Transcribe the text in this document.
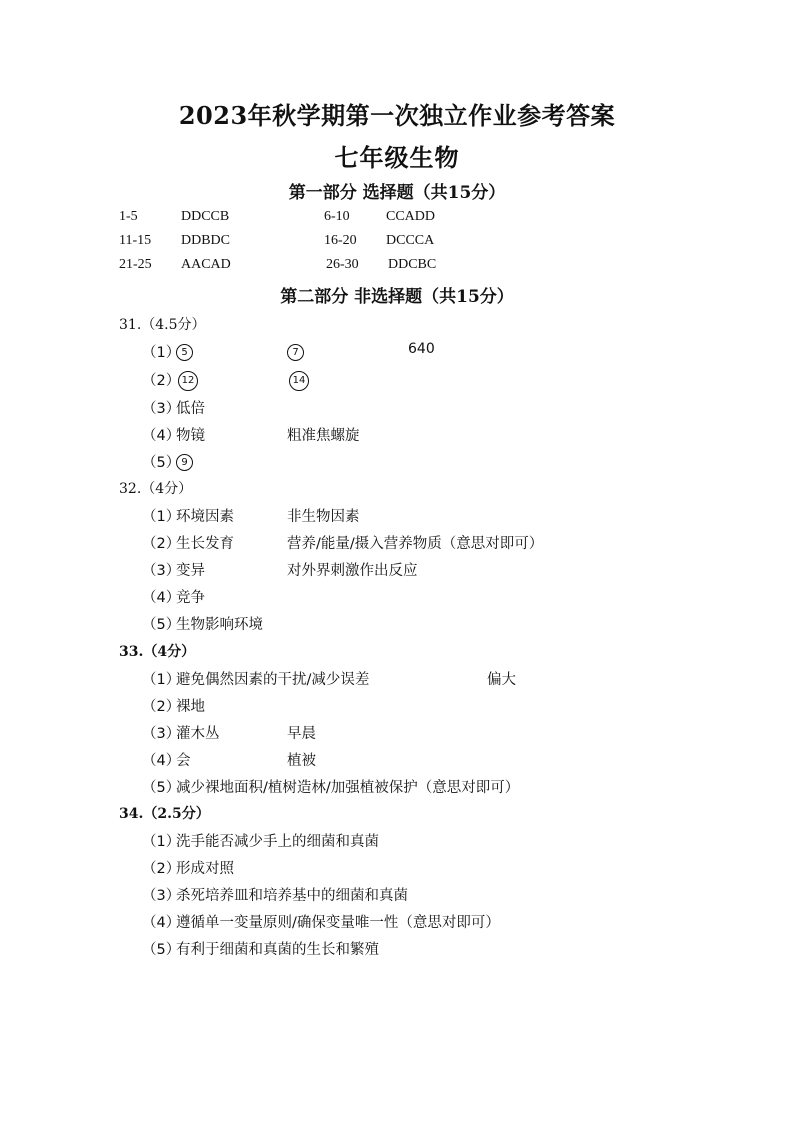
2023年秋学期第一次独立作业参考答案
七年级生物
第一部分 选择题（共15分）
1-5	DDCCB	6-10	CCADD
11-15 DDBDC	16-20 DCCCA
21-25 AACAD	26-30 DDCBC
第二部分 非选择题（共15分）
31.（4.5分）
（1） 5	7	640
（2） 12	14
（3）
低倍
（4）
物镜	粗准焦螺旋
（5） 9
32.（4分）
（1）
环境因素	非生物因素
（2）
生长发育	营养/能量/摄入营养物质（意思对即可）
（3）
变异	对外界刺激作出反应
（4）
竞争
（5）
生物影响环境
33.（4分）
（1）
避免偶然因素的干扰/减少误差	偏大
（2）
裸地
（3）
灌木丛	早晨
（4）
会	植被
（5）
减少裸地面积/植树造林/加强植被保护（意思对即可）
34.（2.5分）
（1）
洗手能否减少手上的细菌和真菌
（2）
形成对照
（3）
杀死培养皿和培养基中的细菌和真菌
（4）
遵循单一变量原则/确保变量唯一性（意思对即可）
（5）
有利于细菌和真菌的生长和繁殖
